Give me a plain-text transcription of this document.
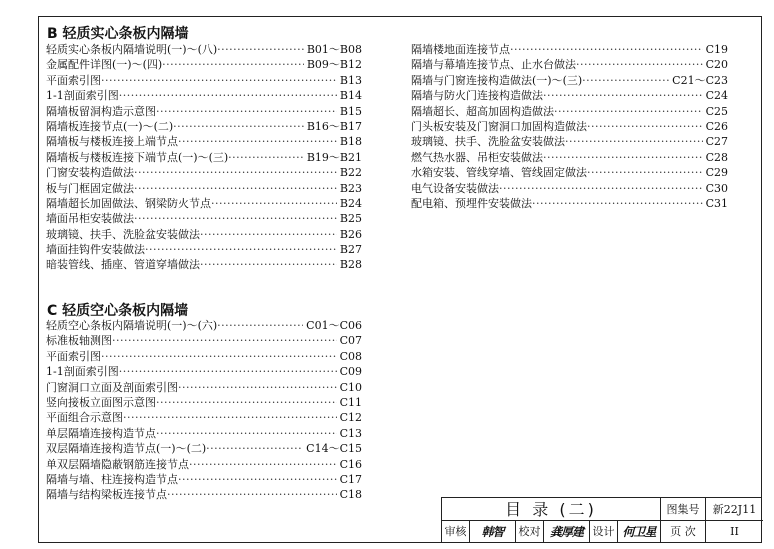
B 轻质实心条板内隔墙
轻质实心条板内隔墙说明(一)～(八) ·····	B01～B08
金属配件详图(一)～(四) ·····	B09～B12
平面索引图 ·····	B13
1-1剖面索引图 ·····	B14
隔墙板留洞构造示意图 ·····	B15
隔墙板连接节点(一)～(二) ·····	B16～B17
隔墙板与楼板连接上端节点 ·····	B18
隔墙板与楼板连接下端节点(一)～(三) ·····	B19～B21
门窗安装构造做法 ·····	B22
板与门框固定做法 ·····	B23
隔墙超长加固做法、钢梁防火节点 ·····	B24
墙面吊柜安装做法 ·····	B25
玻璃镜、扶手、洗脸盆安装做法 ·····	B26
墙面挂钩件安装做法 ·····	B27
暗装管线、插座、管道穿墙做法 ·····	B28
C 轻质空心条板内隔墙
轻质空心条板内隔墙说明(一)～(六) ·····	C01～C06
标准板轴测图 ·····	C07
平面索引图 ·····	C08
1-1剖面索引图 ·····	C09
门窗洞口立面及剖面索引图 ·····	C10
竖向接板立面图示意图 ·····	C11
平面组合示意图 ·····	C12
单层隔墙连接构造节点 ·····	C13
双层隔墙连接构造节点(一)～(二) ·····	C14～C15
单双层隔墙隐蔽钢筋连接节点 ·····	C16
隔墙与墙、柱连接构造节点 ·····	C17
隔墙与结构梁板连接节点 ·····	C18
隔墙楼地面连接节点 ·····	C19
隔墙与幕墙连接节点、止水台做法 ·····	C20
隔墙与门窗连接构造做法(一)～(三) ·····	C21～C23
隔墙与防火门连接构造做法 ·····	C24
隔墙超长、超高加固构造做法 ·····	C25
门头板安装及门窗洞口加固构造做法 ·····	C26
玻璃镜、扶手、洗脸盆安装做法 ·····	C27
燃气热水器、吊柜安装做法 ·····	C28
水箱安装、管线穿墙、管线固定做法 ·····	C29
电气设备安装做法 ·····	C30
配电箱、预埋件安装做法 ·····	C31
目 录 (二)	图集号	新22J11
审核	韩智	校对 龚厚建 设计 何卫星	页 次	II
